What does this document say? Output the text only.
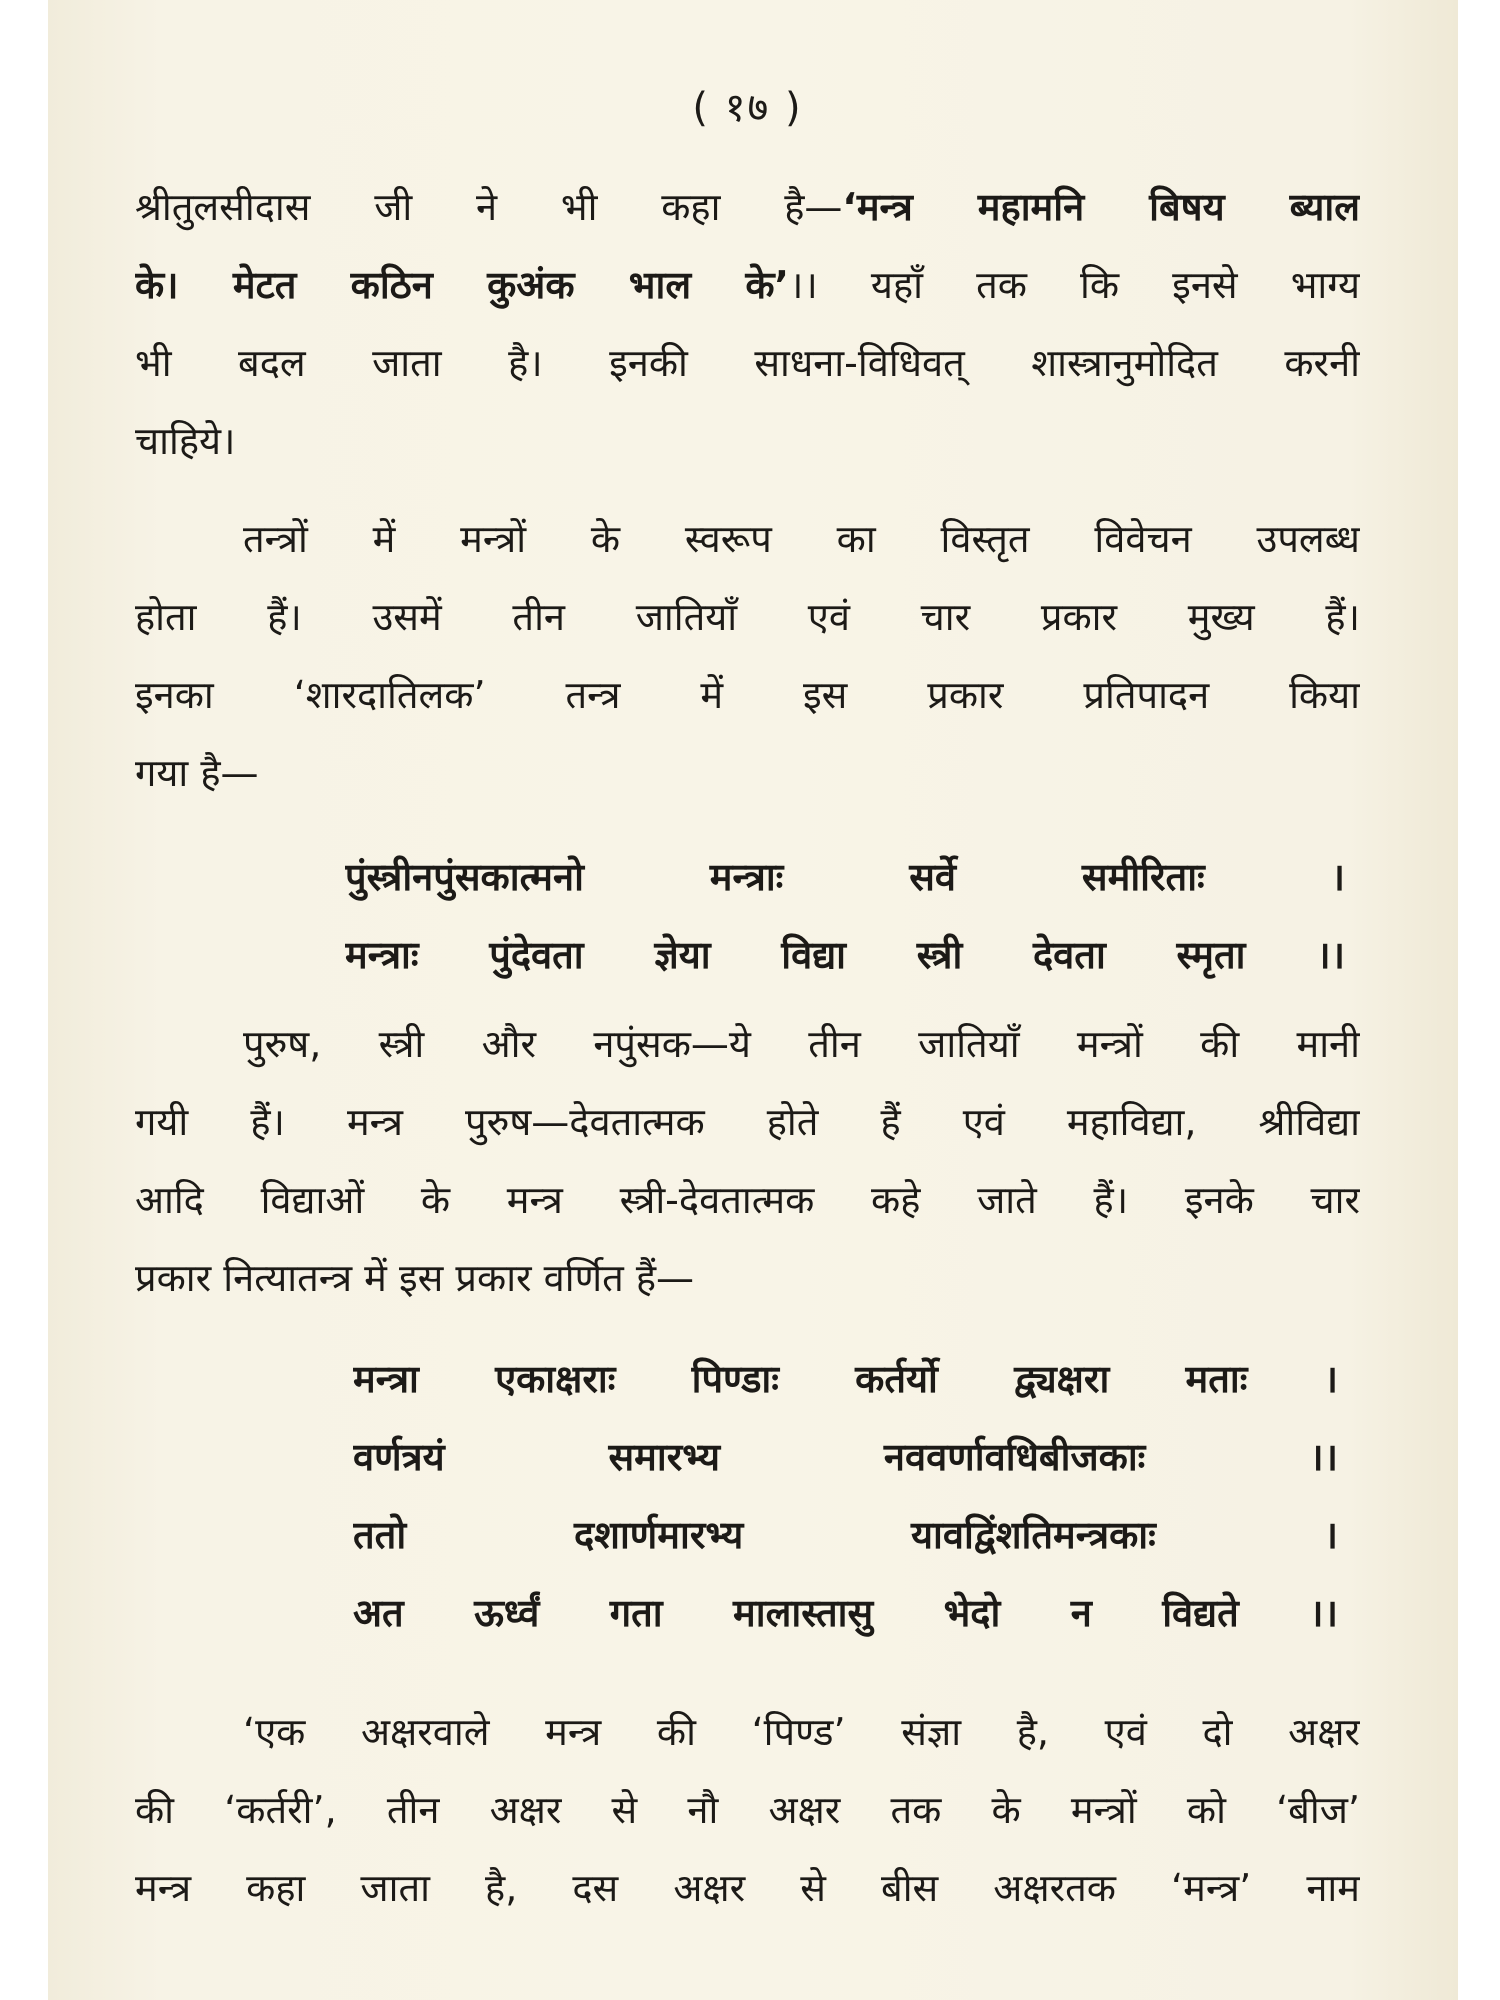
( १७ )
श्रीतुलसीदास जी ने भी कहा है—‘मन्त्र महामनि बिषय ब्याल
के। मेटत कठिन कुअंक भाल के’।। यहाँ तक कि इनसे भाग्य
भी बदल जाता है। इनकी साधना-विधिवत् शास्त्रानुमोदित करनी
चाहिये।
तन्त्रों में मन्त्रों के स्वरूप का विस्तृत विवेचन उपलब्ध
होता हैं। उसमें तीन जातियाँ एवं चार प्रकार मुख्य हैं।
इनका ‘शारदातिलक’ तन्त्र में इस प्रकार प्रतिपादन किया
गया है—
पुंस्त्रीनपुंसकात्मनो मन्त्राः सर्वे समीरिताः ।
मन्त्राः पुंदेवता ज्ञेया विद्या स्त्री देवता स्मृता ।।
पुरुष, स्त्री और नपुंसक—ये तीन जातियाँ मन्त्रों की मानी
गयी हैं। मन्त्र पुरुष—देवतात्मक होते हैं एवं महाविद्या, श्रीविद्या
आदि विद्याओं के मन्त्र स्त्री-देवतात्मक कहे जाते हैं। इनके चार
प्रकार नित्यातन्त्र में इस प्रकार वर्णित हैं—
मन्त्रा एकाक्षराः पिण्डाः कर्तर्यो द्व्यक्षरा मताः ।
वर्णत्रयं समारभ्य नववर्णावधिबीजकाः ।।
ततो दशार्णमारभ्य यावद्विंशतिमन्त्रकाः ।
अत ऊर्ध्वं गता मालास्तासु भेदो न विद्यते ।।
‘एक अक्षरवाले मन्त्र की ‘पिण्ड’ संज्ञा है, एवं दो अक्षर
की ‘कर्तरी’, तीन अक्षर से नौ अक्षर तक के मन्त्रों को ‘बीज’
मन्त्र कहा जाता है, दस अक्षर से बीस अक्षरतक ‘मन्त्र’ नाम
